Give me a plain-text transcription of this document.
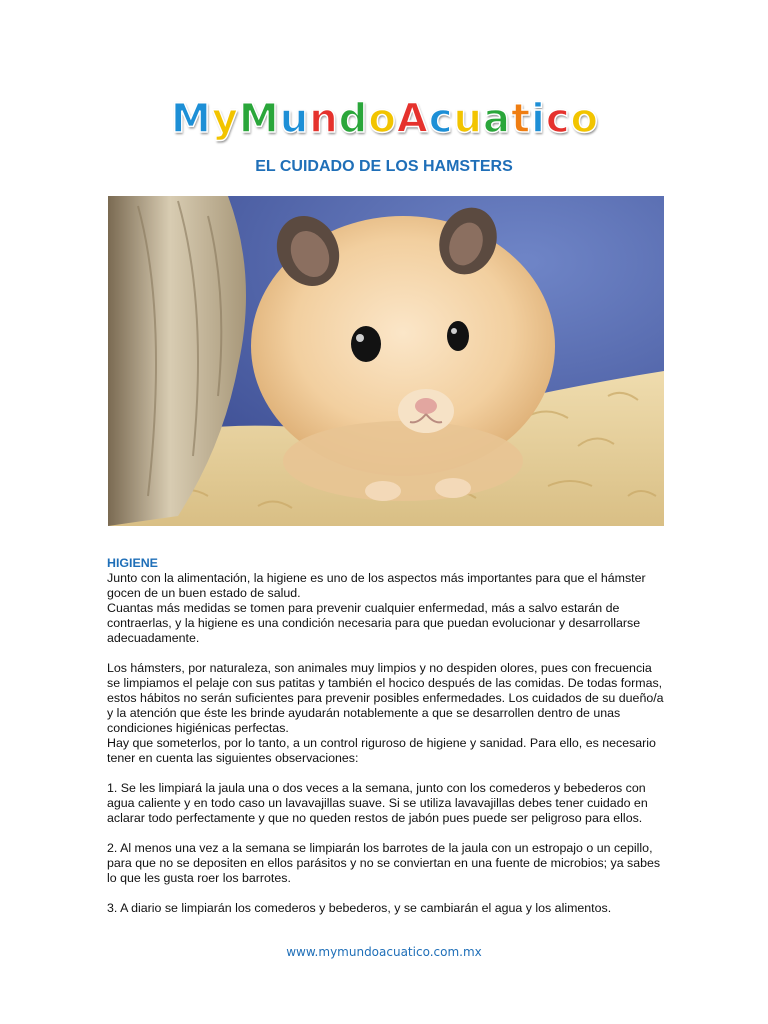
M y M u n d o A c u a t i c o
EL CUIDADO DE LOS HAMSTERS

HIGIENE

Junto con la alimentación, la higiene es uno de los aspectos más importantes para que el hámster gocen de un buen estado de salud.

Cuantas más medidas se tomen para prevenir cualquier enfermedad, más a salvo estarán de contraerlas, y la higiene es una condición necesaria para que puedan evolucionar y desarrollarse adecuadamente.

Los hámsters, por naturaleza, son animales muy limpios y no despiden olores, pues con frecuencia se limpiamos el pelaje con sus patitas y también el hocico después de las comidas. De todas formas, estos hábitos no serán suficientes para prevenir posibles enfermedades. Los cuidados de su dueño/a y la atención que éste les brinde ayudarán notablemente a que se desarrollen dentro de unas condiciones higiénicas perfectas.

Hay que someterlos, por lo tanto, a un control riguroso de higiene y sanidad. Para ello, es necesario tener en cuenta las siguientes observaciones:

1. Se les limpiará la jaula una o dos veces a la semana, junto con los comederos y bebederos con agua caliente y en todo caso un lavavajillas suave. Si se utiliza lavavajillas debes tener cuidado en aclarar todo perfectamente y que no queden restos de jabón pues puede ser peligroso para ellos.

2. Al menos una vez a la semana se limpiarán los barrotes de la jaula con un estropajo o un cepillo, para que no se depositen en ellos parásitos y no se conviertan en una fuente de microbios; ya sabes lo que les gusta roer los barrotes.

3. A diario se limpiarán los comederos y bebederos, y se cambiarán el agua y los alimentos.

www.mymundoacuatico.com.mx
